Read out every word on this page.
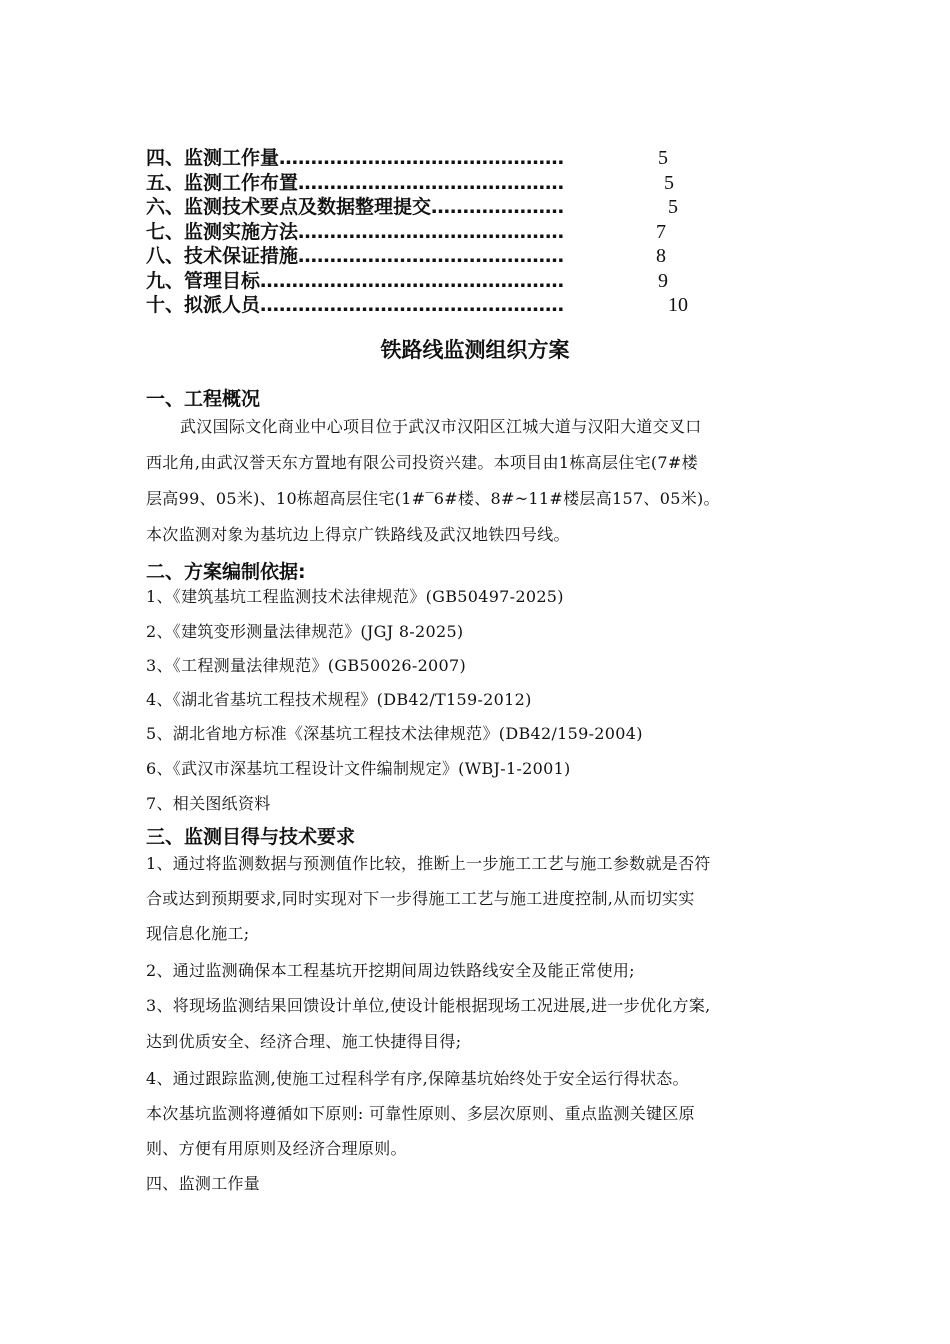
四、监测工作量………………………………………	5
五、监测工作布置……………………………………	5
六、监测技术要点及数据整理提交…………………	5
七、监测实施方法……………………………………	7
八、技术保证措施……………………………………	8
九、管理目标…………………………………………	9
十、拟派人员…………………………………………	10
铁路线监测组织方案
一、工程概况
武汉国际文化商业中心项目位于武汉市汉阳区江城大道与汉阳大道交叉口
西北角,由武汉誉天东方置地有限公司投资兴建。本项目由1栋高层住宅(7#楼
层高99、05米)、10栋超高层住宅(1#‾6#楼、8#~11#楼层高157、05米)。
本次监测对象为基坑边上得京广铁路线及武汉地铁四号线。
二、方案编制依据:
1、《建筑基坑工程监测技术法律规范》(GB50497-2025)
2、《建筑变形测量法律规范》(JGJ 8-2025)
3、《工程测量法律规范》(GB50026-2007)
4、《湖北省基坑工程技术规程》(DB42/T159-2012)
5、湖北省地方标准《深基坑工程技术法律规范》(DB42/159-2004)
6、《武汉市深基坑工程设计文件编制规定》(WBJ-1-2001)
7、相关图纸资料
三、监测目得与技术要求
1、通过将监测数据与预测值作比较，推断上一步施工工艺与施工参数就是否符
合或达到预期要求,同时实现对下一步得施工工艺与施工进度控制,从而切实实
现信息化施工;
2、通过监测确保本工程基坑开挖期间周边铁路线安全及能正常使用;
3、将现场监测结果回馈设计单位,使设计能根据现场工况进展,进一步优化方案,
达到优质安全、经济合理、施工快捷得目得;
4、通过跟踪监测,使施工过程科学有序,保障基坑始终处于安全运行得状态。
本次基坑监测将遵循如下原则: 可靠性原则、多层次原则、重点监测关键区原
则、方便有用原则及经济合理原则。
四、监测工作量
